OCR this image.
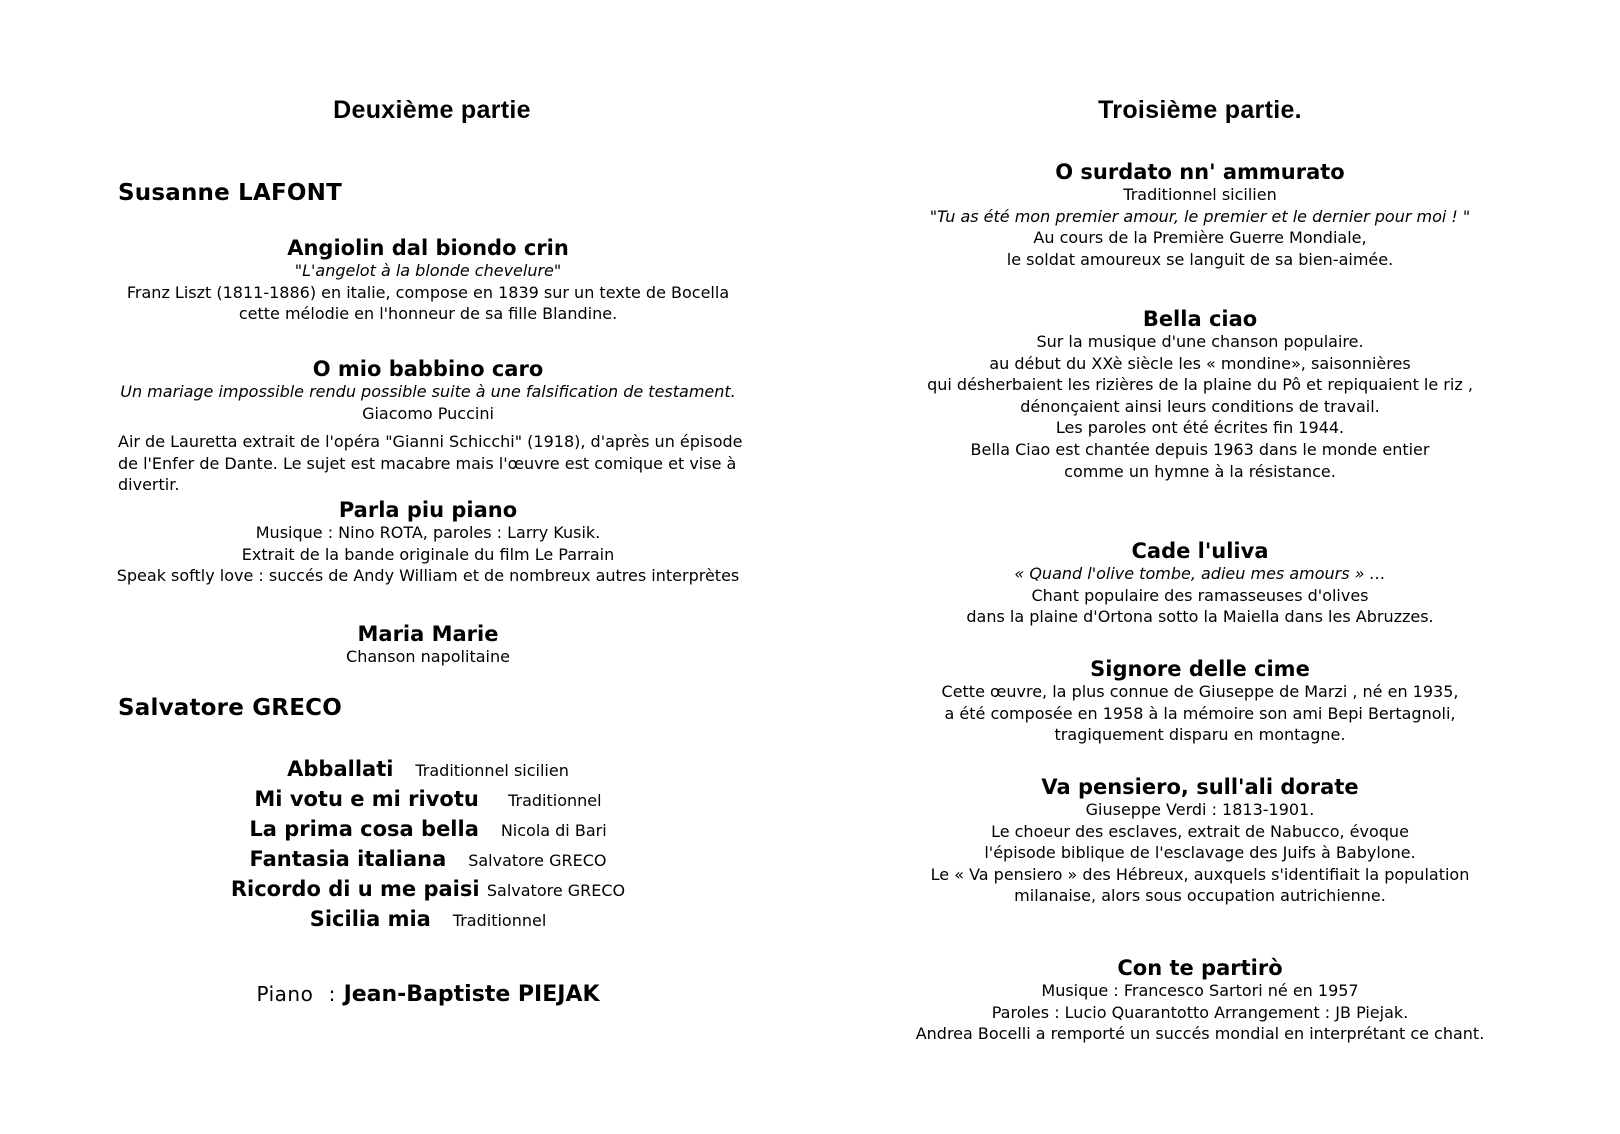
Deuxième partie
Susanne LAFONT
Angiolin dal biondo crin
"L'angelot à la blonde chevelure"
Franz Liszt (1811-1886) en italie, compose en 1839 sur un texte de Bocella
cette mélodie en l'honneur de sa fille Blandine.
O mio babbino caro
Un mariage impossible rendu possible suite à une falsification de testament.
Giacomo Puccini
Air de Lauretta extrait de l'opéra "Gianni Schicchi" (1918), d'après un épisode
de l'Enfer de Dante. Le sujet est macabre mais l'œuvre est comique et vise à
divertir.
Parla piu piano
Musique : Nino ROTA, paroles : Larry Kusik.
Extrait de la bande originale du film Le Parrain
Speak softly love : succés de Andy William et de nombreux autres interprètes
Maria Marie
Chanson napolitaine
Salvatore GRECO
Abballati Traditionnel sicilien
Mi votu e mi rivotu Traditionnel
La prima cosa bella Nicola di Bari
Fantasia italiana Salvatore GRECO
Ricordo di u me paisi Salvatore GRECO
Sicilia mia Traditionnel
Piano : Jean-Baptiste PIEJAK
Troisième partie.
O surdato nn' ammurato
Traditionnel sicilien
"Tu as été mon premier amour, le premier et le dernier pour moi ! "
Au cours de la Première Guerre Mondiale,
le soldat amoureux se languit de sa bien-aimée.
Bella ciao
Sur la musique d'une chanson populaire.
au début du XXè siècle les « mondine», saisonnières
qui désherbaient les rizières de la plaine du Pô et repiquaient le riz ,
dénonçaient ainsi leurs conditions de travail.
Les paroles ont été écrites fin 1944.
Bella Ciao est chantée depuis 1963 dans le monde entier
comme un hymne à la résistance.
Cade l'uliva
« Quand l'olive tombe, adieu mes amours » …
Chant populaire des ramasseuses d'olives
dans la plaine d'Ortona sotto la Maiella dans les Abruzzes.
Signore delle cime
Cette œuvre, la plus connue de Giuseppe de Marzi , né en 1935,
a été composée en 1958 à la mémoire son ami Bepi Bertagnoli,
tragiquement disparu en montagne.
Va pensiero, sull'ali dorate
Giuseppe Verdi : 1813-1901.
Le choeur des esclaves, extrait de Nabucco, évoque
l'épisode biblique de l'esclavage des Juifs à Babylone.
Le « Va pensiero » des Hébreux, auxquels s'identifiait la population
milanaise, alors sous occupation autrichienne.
Con te partirò
Musique : Francesco Sartori né en 1957
Paroles : Lucio Quarantotto Arrangement : JB Piejak.
Andrea Bocelli a remporté un succés mondial en interprétant ce chant.
